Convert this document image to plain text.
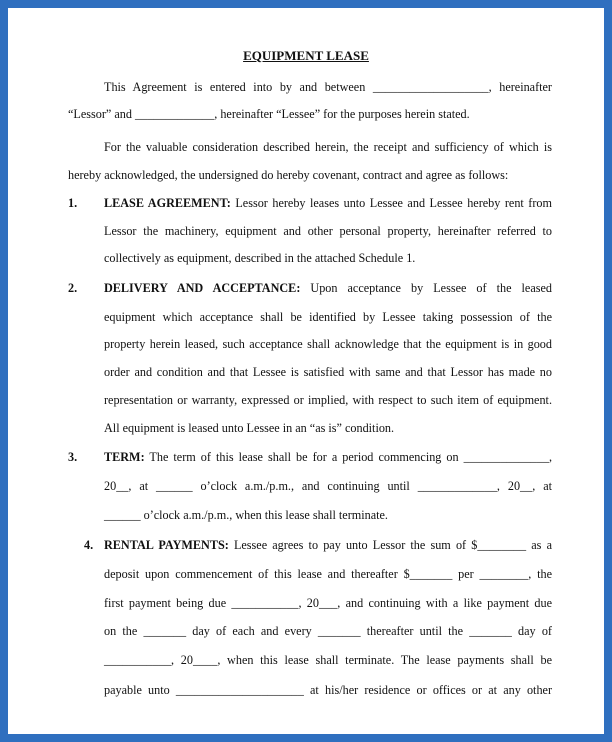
EQUIPMENT LEASE
This Agreement is entered into by and between ___________________, hereinafter
“Lessor” and _____________, hereinafter “Lessee” for the purposes herein stated.
For the valuable consideration described herein, the receipt and sufficiency of which is
hereby acknowledged, the undersigned do hereby covenant, contract and agree as follows:
1. LEASE AGREEMENT: Lessor hereby leases unto Lessee and Lessee hereby rent from
Lessor the machinery, equipment and other personal property, hereinafter referred to
collectively as equipment, described in the attached Schedule 1.
2. DELIVERY AND ACCEPTANCE: Upon acceptance by Lessee of the leased
equipment which acceptance shall be identified by Lessee taking possession of the
property herein leased, such acceptance shall acknowledge that the equipment is in good
order and condition and that Lessee is satisfied with same and that Lessor has made no
representation or warranty, expressed or implied, with respect to such item of equipment.
All equipment is leased unto Lessee in an “as is” condition.
3. TERM: The term of this lease shall be for a period commencing on ______________,
20__, at ______ o’clock a.m./p.m., and continuing until _____________, 20__, at
______ o’clock a.m./p.m., when this lease shall terminate.
4. RENTAL PAYMENTS: Lessee agrees to pay unto Lessor the sum of $________ as a
deposit upon commencement of this lease and thereafter $_______ per ________, the
first payment being due ___________, 20___, and continuing with a like payment due
on the _______ day of each and every _______ thereafter until the _______ day of
___________, 20____, when this lease shall terminate. The lease payments shall be
payable unto _____________________ at his/her residence or offices or at any other
